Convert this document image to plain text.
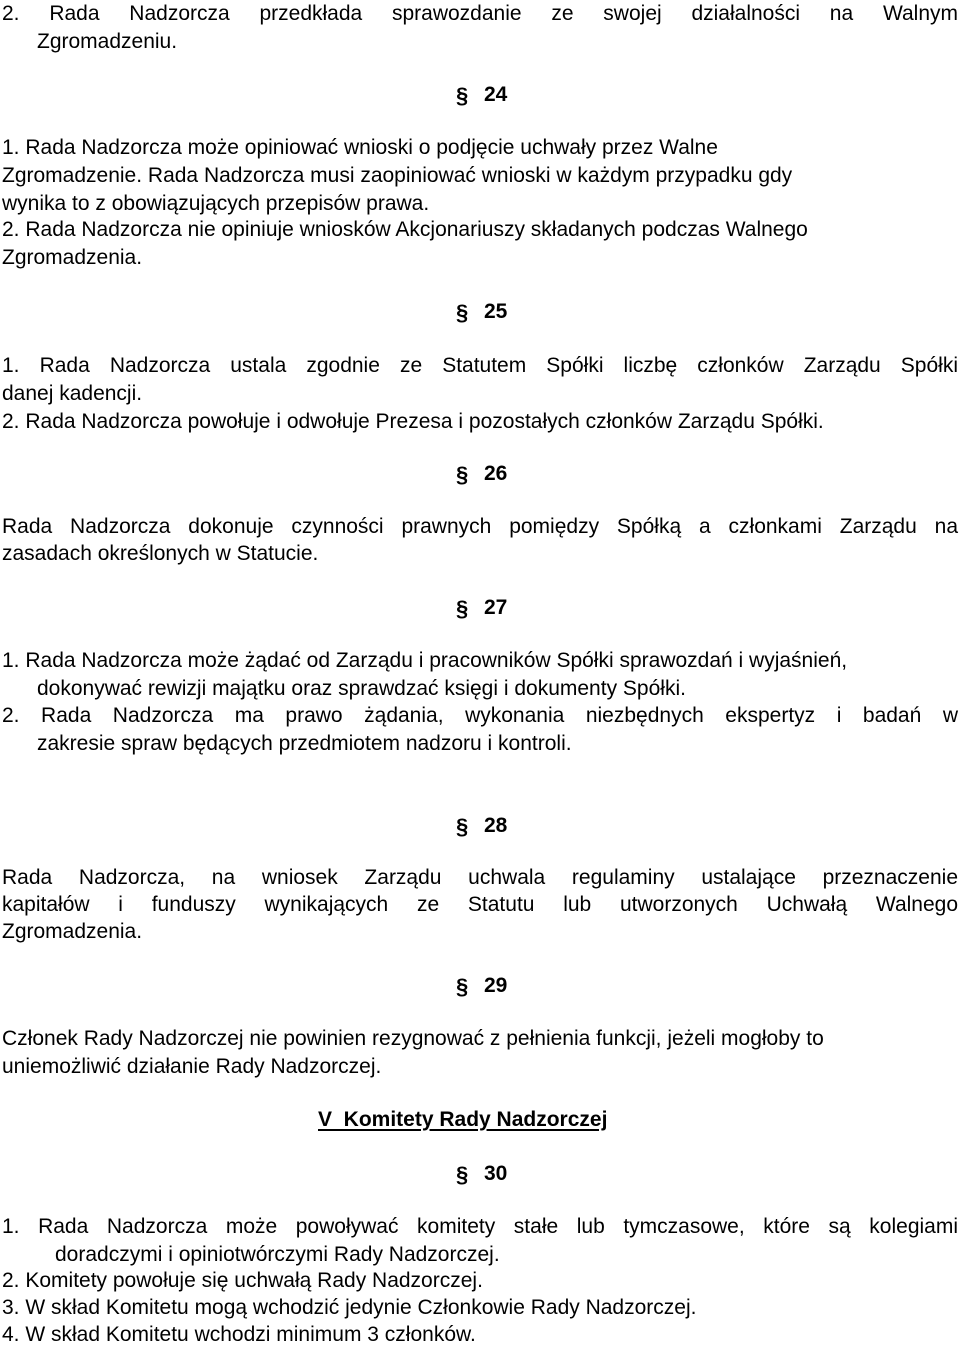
2. Rada Nadzorcza przedkłada sprawozdanie ze swojej działalności na Walnym
Zgromadzeniu.
§ 24
1. Rada Nadzorcza może opiniować wnioski o podjęcie uchwały przez Walne
Zgromadzenie. Rada Nadzorcza musi zaopiniować wnioski w każdym przypadku gdy
wynika to z obowiązujących przepisów prawa.
2. Rada Nadzorcza nie opiniuje wniosków Akcjonariuszy składanych podczas Walnego
Zgromadzenia.
§ 25
1. Rada Nadzorcza ustala zgodnie ze Statutem Spółki liczbę członków Zarządu Spółki
danej kadencji.
2. Rada Nadzorcza powołuje i odwołuje Prezesa i pozostałych członków Zarządu Spółki.
§ 26
Rada Nadzorcza dokonuje czynności prawnych pomiędzy Spółką a członkami Zarządu na
zasadach określonych w Statucie.
§ 27
1. Rada Nadzorcza może żądać od Zarządu i pracowników Spółki sprawozdań i wyjaśnień,
dokonywać rewizji majątku oraz sprawdzać księgi i dokumenty Spółki.
2. Rada Nadzorcza ma prawo żądania, wykonania niezbędnych ekspertyz i badań w
zakresie spraw będących przedmiotem nadzoru i kontroli.
§ 28
Rada Nadzorcza, na wniosek Zarządu uchwala regulaminy ustalające przeznaczenie
kapitałów i funduszy wynikających ze Statutu lub utworzonych Uchwałą Walnego
Zgromadzenia.
§ 29
Członek Rady Nadzorczej nie powinien rezygnować z pełnienia funkcji, jeżeli mogłoby to
uniemożliwić działanie Rady Nadzorczej.
V  Komitety Rady Nadzorczej
§ 30
1. Rada Nadzorcza może powoływać komitety stałe lub tymczasowe, które są kolegiami
doradczymi i opiniotwórczymi Rady Nadzorczej.
2. Komitety powołuje się uchwałą Rady Nadzorczej.
3. W skład Komitetu mogą wchodzić jedynie Członkowie Rady Nadzorczej.
4. W skład Komitetu wchodzi minimum 3 członków.
